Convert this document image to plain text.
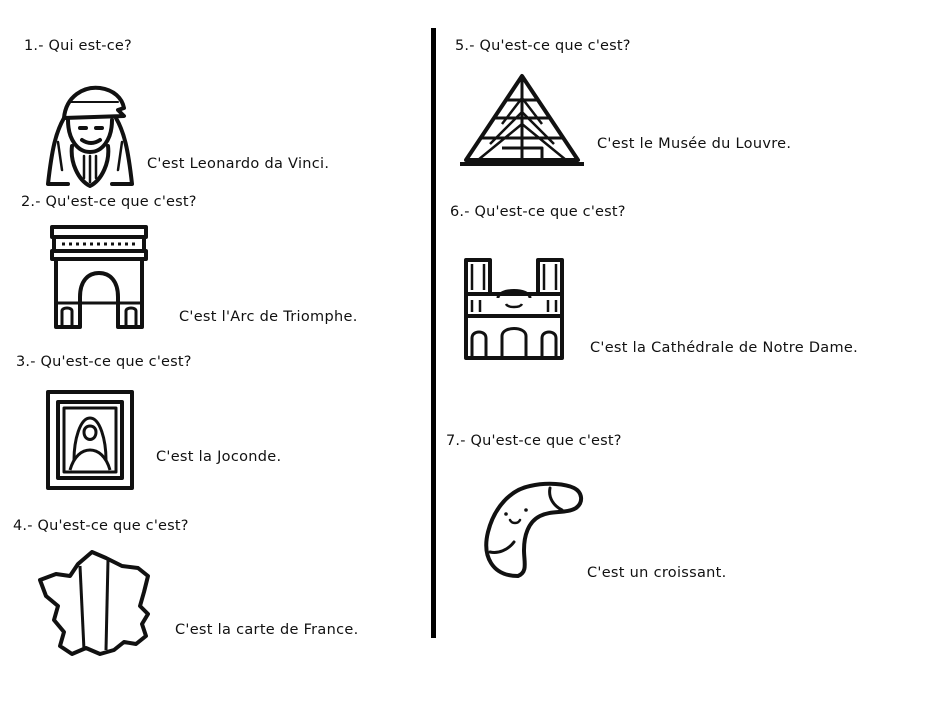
1.- Qui est-ce?
C'est Leonardo da Vinci.
2.- Qu'est-ce que c'est?
C'est l'Arc de Triomphe.
3.- Qu'est-ce que c'est?
C'est la Joconde.
4.- Qu'est-ce que c'est?
C'est la carte de France.
5.- Qu'est-ce que c'est?
C'est le Musée du Louvre.
6.- Qu'est-ce que c'est?
C'est la Cathédrale de Notre Dame.
7.- Qu'est-ce que c'est?
C'est un croissant.
